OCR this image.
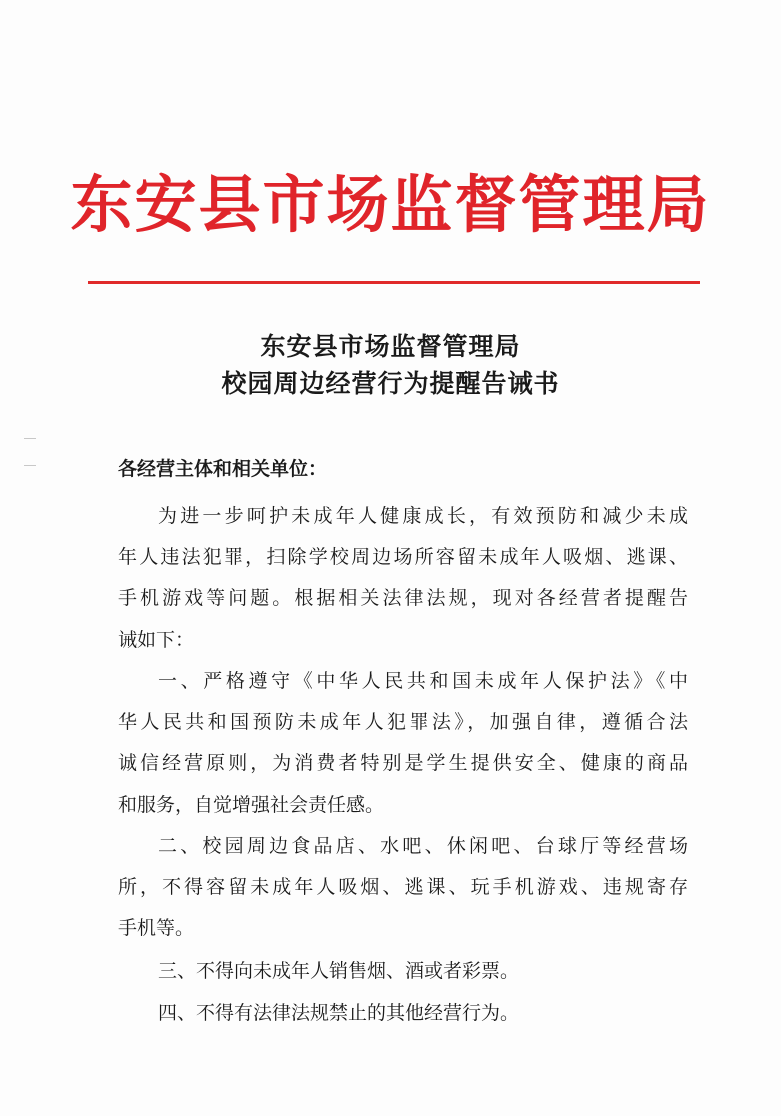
东安县市场监督管理局
东安县市场监督管理局
校园周边经营行为提醒告诫书
各经营主体和相关单位：
为进一步呵护未成年人健康成长，有效预防和减少未成
年人违法犯罪，扫除学校周边场所容留未成年人吸烟、逃课、
手机游戏等问题。根据相关法律法规，现对各经营者提醒告
诫如下：
一、严格遵守《中华人民共和国未成年人保护法》《中
华人民共和国预防未成年人犯罪法》，加强自律，遵循合法
诚信经营原则，为消费者特别是学生提供安全、健康的商品
和服务，自觉增强社会责任感。
二、校园周边食品店、水吧、休闲吧、台球厅等经营场
所，不得容留未成年人吸烟、逃课、玩手机游戏、违规寄存
手机等。
三、不得向未成年人销售烟、酒或者彩票。
四、不得有法律法规禁止的其他经营行为。
